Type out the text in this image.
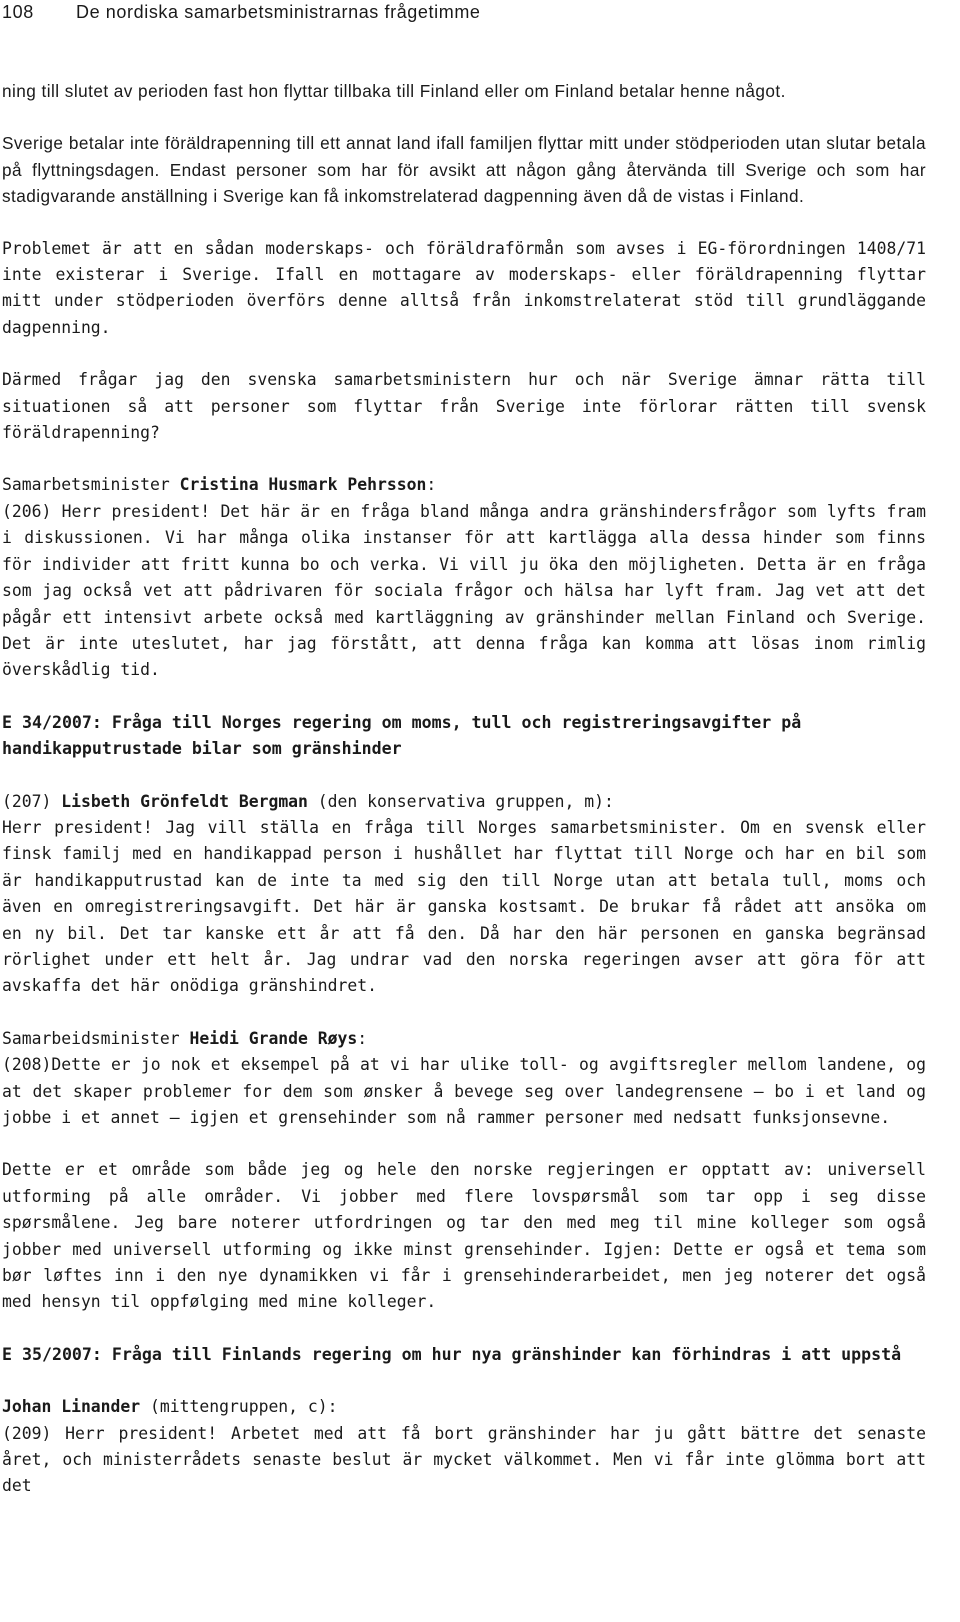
108 De nordiska samarbetsministrarnas frågetimme

ning till slutet av perioden fast hon flyttar tillbaka till Finland eller om Finland betalar henne något.

Sverige betalar inte föräldrapenning till ett annat land ifall familjen flyttar mitt under stödperioden utan slutar betala på flyttningsdagen. Endast personer som har för avsikt att någon gång återvända till Sverige och som har stadigvarande anställning i Sverige kan få inkomstrelaterad dagpenning även då de vistas i Finland.

Problemet är att en sådan moderskaps- och föräldraförmån som avses i EG-förordningen 1408/71 inte existerar i Sverige. Ifall en mottagare av moderskaps- eller föräldrapenning flyttar mitt under stödperioden överförs denne alltså från inkomstrelaterat stöd till grundläggande dagpenning.

Därmed frågar jag den svenska samarbetsministern hur och när Sverige ämnar rätta till situationen så att personer som flyttar från Sverige inte förlorar rätten till svensk föräldrapenning?

Samarbetsminister Cristina Husmark Pehrsson:

(206) Herr president! Det här är en fråga bland många andra gränshindersfrågor som lyfts fram i diskussionen. Vi har många olika instanser för att kartlägga alla dessa hinder som finns för individer att fritt kunna bo och verka. Vi vill ju öka den möjligheten. Detta är en fråga som jag också vet att pådrivaren för sociala frågor och hälsa har lyft fram. Jag vet att det pågår ett intensivt arbete också med kartläggning av gränshinder mellan Finland och Sverige. Det är inte uteslutet, har jag förstått, att denna fråga kan komma att lösas inom rimlig överskådlig tid.

E 34/2007: Fråga till Norges regering om moms, tull och registreringsavgifter på handikapputrustade bilar som gränshinder

(207) Lisbeth Grönfeldt Bergman (den konservativa gruppen, m):

Herr president! Jag vill ställa en fråga till Norges samarbetsminister. Om en svensk eller finsk familj med en handikappad person i hushållet har flyttat till Norge och har en bil som är handikapputrustad kan de inte ta med sig den till Norge utan att betala tull, moms och även en omregistreringsavgift. Det här är ganska kostsamt. De brukar få rådet att ansöka om en ny bil. Det tar kanske ett år att få den. Då har den här personen en ganska begränsad rörlighet under ett helt år. Jag undrar vad den norska regeringen avser att göra för att avskaffa det här onödiga gränshindret.

Samarbeidsminister Heidi Grande Røys:

(208)Dette er jo nok et eksempel på at vi har ulike toll- og avgiftsregler mellom landene, og at det skaper problemer for dem som ønsker å bevege seg over landegrensene — bo i et land og jobbe i et annet — igjen et grensehinder som nå rammer personer med nedsatt funksjonsevne.

Dette er et område som både jeg og hele den norske regjeringen er opptatt av: universell utforming på alle områder. Vi jobber med flere lovspørsmål som tar opp i seg disse spørsmålene. Jeg bare noterer utfordringen og tar den med meg til mine kolleger som også jobber med universell utforming og ikke minst grensehinder. Igjen: Dette er også et tema som bør løftes inn i den nye dynamikken vi får i grensehinderarbeidet, men jeg noterer det også med hensyn til oppfølging med mine kolleger.

E 35/2007: Fråga till Finlands regering om hur nya gränshinder kan förhindras i att uppstå

Johan Linander (mittengruppen, c):

(209) Herr president! Arbetet med att få bort gränshinder har ju gått bättre det senaste året, och ministerrådets senaste beslut är mycket välkommet. Men vi får inte glömma bort att det
